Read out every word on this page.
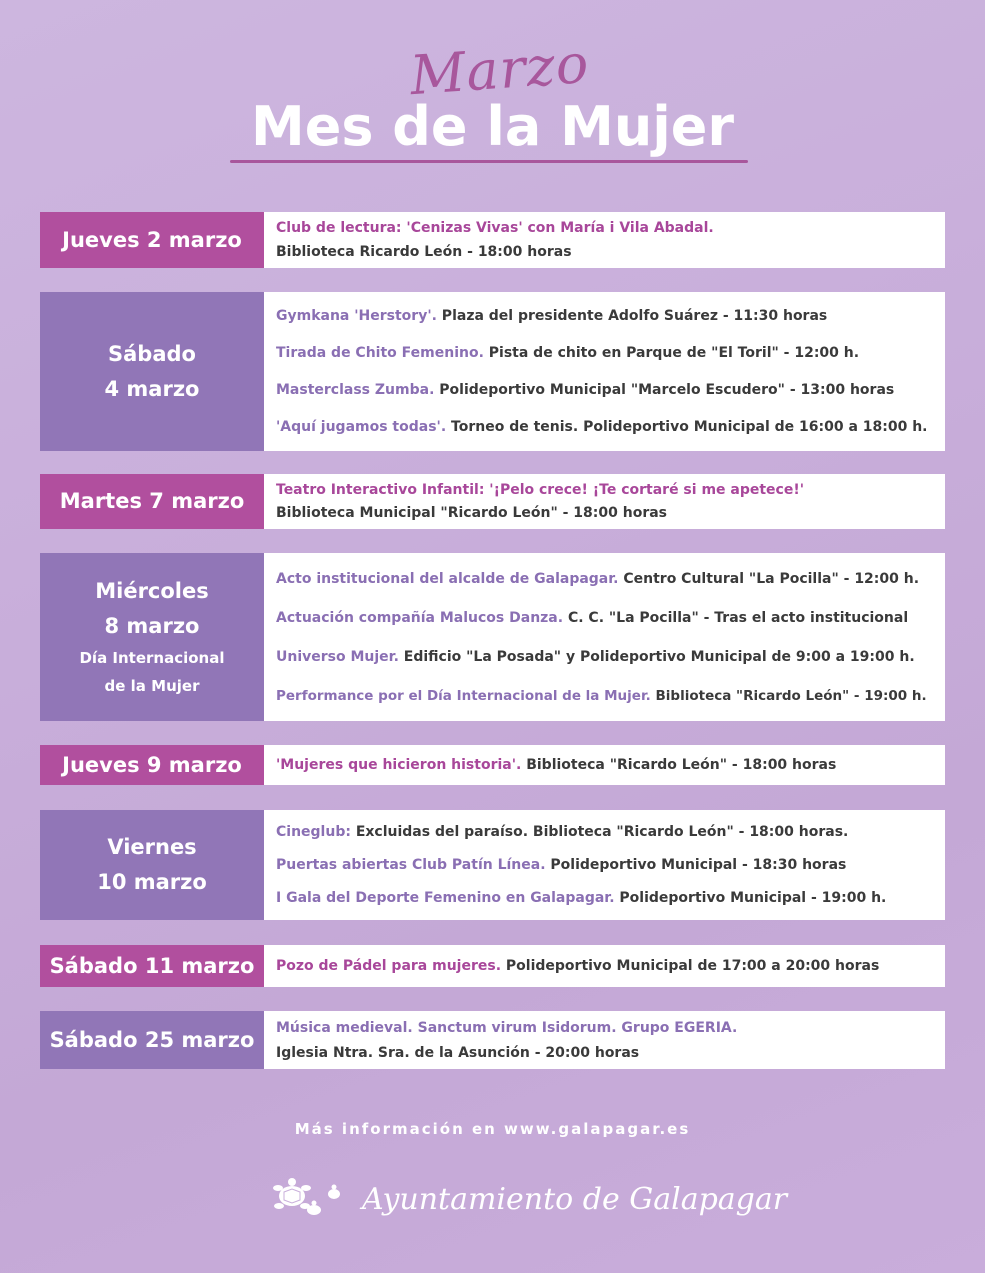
Marzo
Mes de la Mujer
Jueves 2 marzo Club de lectura: 'Cenizas Vivas' con María i Vila Abadal.
Biblioteca Ricardo León - 18:00 horas
Sábado
4 marzo
Gymkana 'Herstory'. Plaza del presidente Adolfo Suárez - 11:30 horas
Tirada de Chito Femenino. Pista de chito en Parque de "El Toril" - 12:00 h.
Masterclass Zumba. Polideportivo Municipal "Marcelo Escudero" - 13:00 horas
'Aquí jugamos todas'. Torneo de tenis. Polideportivo Municipal de 16:00 a 18:00 h.
Martes 7 marzo Teatro Interactivo Infantil: '¡Pelo crece! ¡Te cortaré si me apetece!'
Biblioteca Municipal "Ricardo León" - 18:00 horas
Miércoles
8 marzo
Día Internacional
de la Mujer
Acto institucional del alcalde de Galapagar. Centro Cultural "La Pocilla" - 12:00 h.
Actuación compañía Malucos Danza. C. C. "La Pocilla" - Tras el acto institucional
Universo Mujer. Edificio "La Posada" y Polideportivo Municipal de 9:00 a 19:00 h.
Performance por el Día Internacional de la Mujer. Biblioteca "Ricardo León" - 19:00 h.
Jueves 9 marzo 'Mujeres que hicieron historia'. Biblioteca "Ricardo León" - 18:00 horas
Viernes
10 marzo
Cineglub: Excluidas del paraíso. Biblioteca "Ricardo León" - 18:00 horas.
Puertas abiertas Club Patín Línea. Polideportivo Municipal - 18:30 horas
I Gala del Deporte Femenino en Galapagar. Polideportivo Municipal - 19:00 h.
Sábado 11 marzo Pozo de Pádel para mujeres. Polideportivo Municipal de 17:00 a 20:00 horas
Sábado 25 marzo Música medieval. Sanctum virum Isidorum. Grupo EGERIA.
Iglesia Ntra. Sra. de la Asunción - 20:00 horas
Más información en www.galapagar.es
Ayuntamiento de Galapagar
